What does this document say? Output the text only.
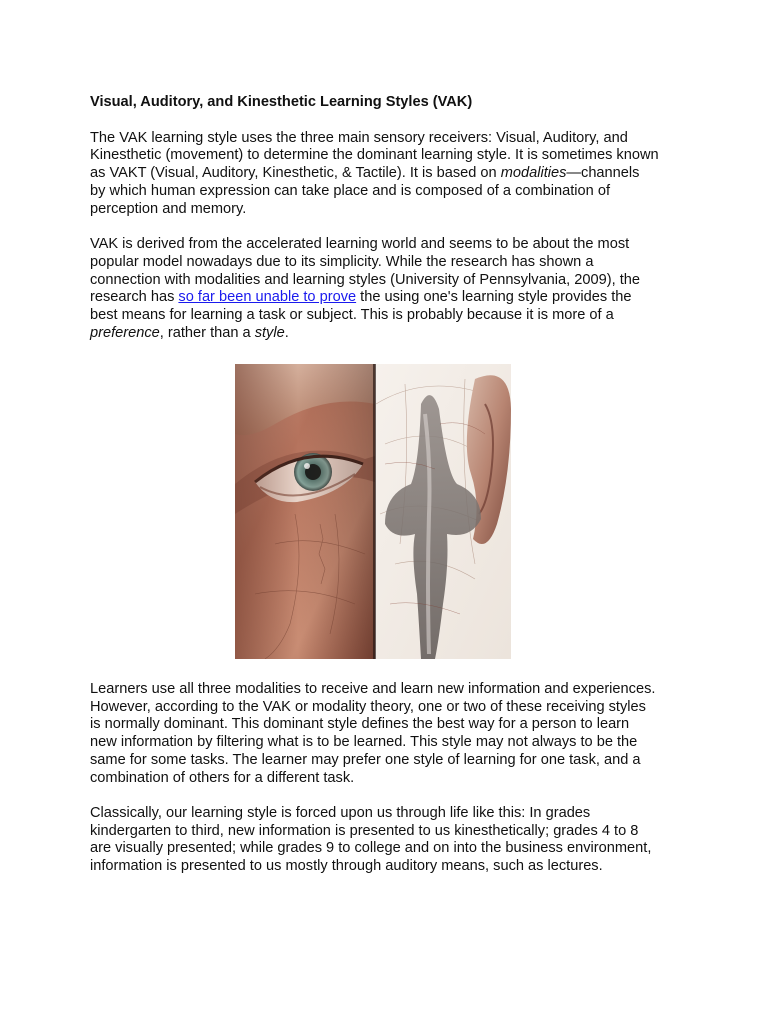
Visual, Auditory, and Kinesthetic Learning Styles (VAK)
The VAK learning style uses the three main sensory receivers: Visual, Auditory, and
Kinesthetic (movement) to determine the dominant learning style. It is sometimes known
as VAKT (Visual, Auditory, Kinesthetic, & Tactile). It is based on modalities—channels
by which human expression can take place and is composed of a combination of
perception and memory.
VAK is derived from the accelerated learning world and seems to be about the most
popular model nowadays due to its simplicity. While the research has shown a
connection with modalities and learning styles (University of Pennsylvania, 2009), the
research has so far been unable to prove the using one's learning style provides the
best means for learning a task or subject. This is probably because it is more of a
preference, rather than a style.
Learners use all three modalities to receive and learn new information and experiences.
However, according to the VAK or modality theory, one or two of these receiving styles
is normally dominant. This dominant style defines the best way for a person to learn
new information by filtering what is to be learned. This style may not always to be the
same for some tasks. The learner may prefer one style of learning for one task, and a
combination of others for a different task.
Classically, our learning style is forced upon us through life like this: In grades
kindergarten to third, new information is presented to us kinesthetically; grades 4 to 8
are visually presented; while grades 9 to college and on into the business environment,
information is presented to us mostly through auditory means, such as lectures.
